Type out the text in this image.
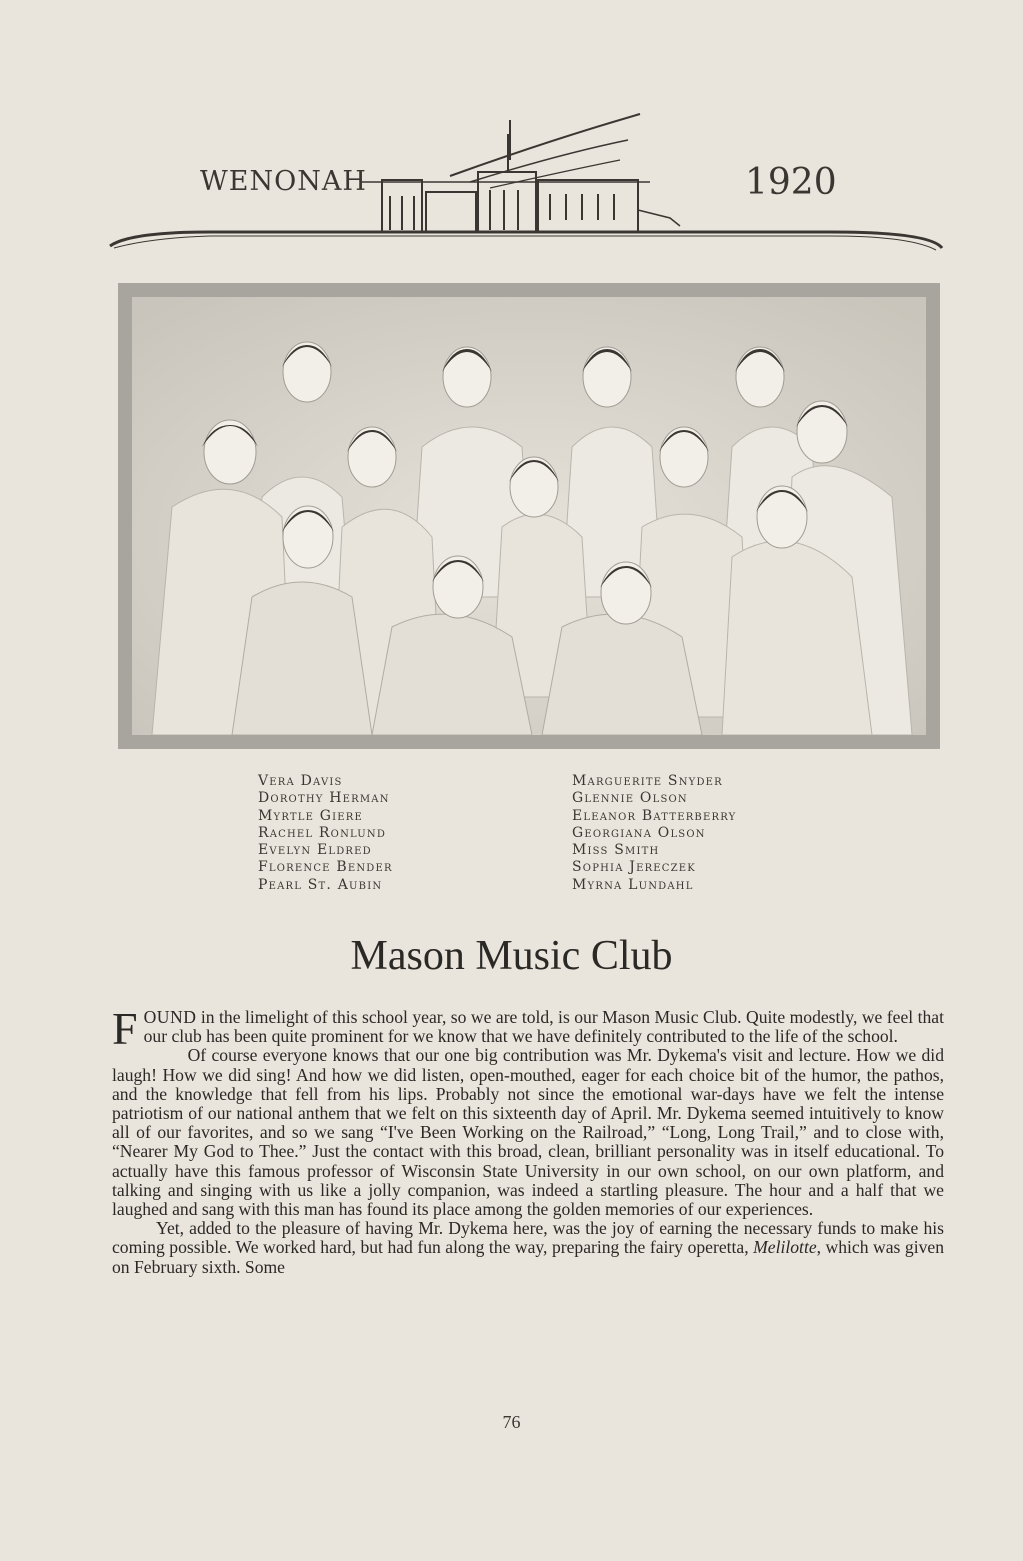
WENONAH	1920
Vera Davis
Dorothy Herman
Myrtle Giere
Rachel Ronlund
Evelyn Eldred
Florence Bender
Pearl St. Aubin
Marguerite Snyder
Glennie Olson
Eleanor Batterberry
Georgiana Olson
Miss Smith
Sophia Jereczek
Myrna Lundahl
Mason Music Club

FOUND in the limelight of this school year, so we are told, is our Mason Music Club. Quite modestly, we feel that our club has been quite prominent for we know that we have definitely contributed to the life of the school.

Of course everyone knows that our one big contribution was Mr. Dykema's visit and lecture. How we did laugh! How we did sing! And how we did listen, open-mouthed, eager for each choice bit of the humor, the pathos, and the knowledge that fell from his lips. Probably not since the emotional war-days have we felt the intense patriotism of our national anthem that we felt on this sixteenth day of April. Mr. Dykema seemed intuitively to know all of our favorites, and so we sang “I've Been Working on the Railroad,” “Long, Long Trail,” and to close with, “Nearer My God to Thee.” Just the contact with this broad, clean, brilliant personality was in itself educational. To actually have this famous professor of Wisconsin State University in our own school, on our own platform, and talking and singing with us like a jolly companion, was indeed a startling pleasure. The hour and a half that we laughed and sang with this man has found its place among the golden memories of our experiences.

Yet, added to the pleasure of having Mr. Dykema here, was the joy of earning the necessary funds to make his coming possible. We worked hard, but had fun along the way, preparing the fairy operetta, Melilotte, which was given on February sixth. Some

76
